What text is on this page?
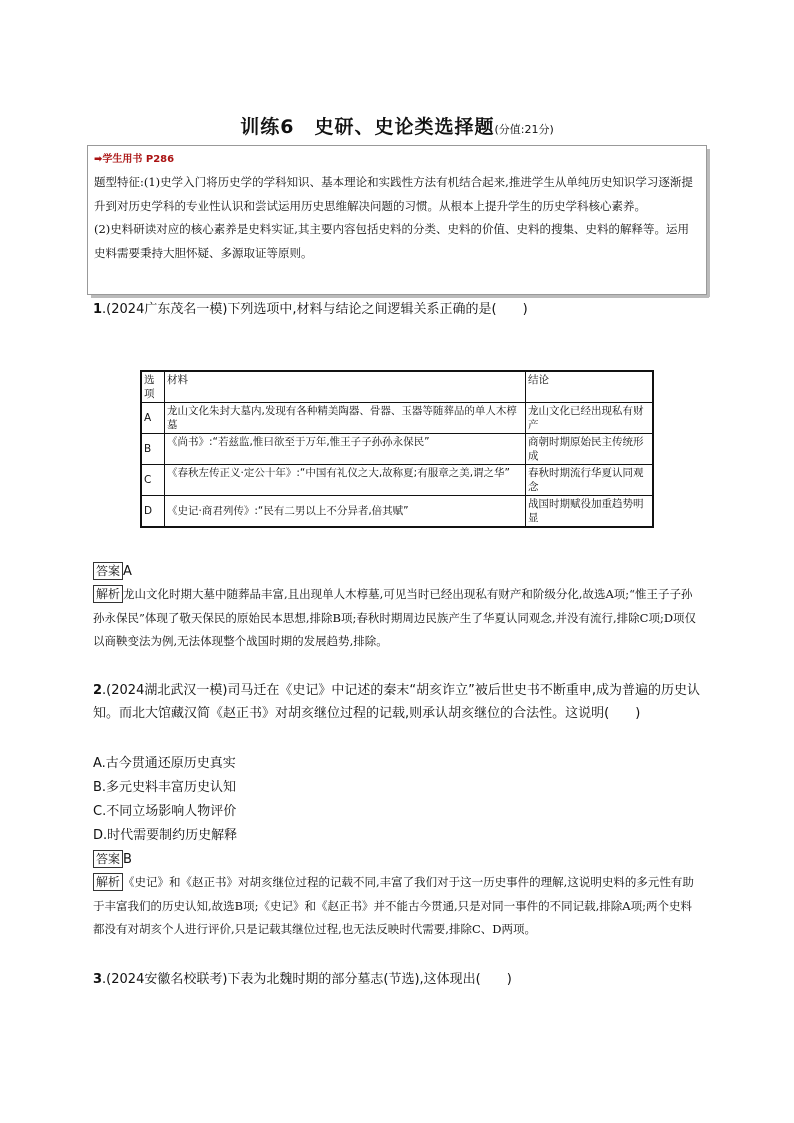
训练6　史研、史论类选择题(分值:21分)
➡学生用书 P286
题型特征:(1)史学入门将历史学的学科知识、基本理论和实践性方法有机结合起来,推进学生从单纯历史知识学习逐渐提升到对历史学科的专业性认识和尝试运用历史思维解决问题的习惯。从根本上提升学生的历史学科核心素养。
(2)史料研读对应的核心素养是史料实证,其主要内容包括史料的分类、史料的价值、史料的搜集、史料的解释等。运用史料需要秉持大胆怀疑、多源取证等原则。
1.(2024广东茂名一模)下列选项中,材料与结论之间逻辑关系正确的是(　　)
选项	材料	结论
A	龙山文化朱封大墓内,发现有各种精美陶器、骨器、玉器等随葬品的单人木椁墓	龙山文化已经出现私有财产
B	《尚书》:“若兹监,惟曰欲至于万年,惟王子子孙孙永保民”	商朝时期原始民主传统形成
C	《春秋左传正义·定公十年》:“中国有礼仪之大,故称夏;有服章之美,谓之华”	春秋时期流行华夏认同观念
D	《史记·商君列传》:“民有二男以上不分异者,倍其赋”	战国时期赋役加重趋势明显
答案 A
解析 龙山文化时期大墓中随葬品丰富,且出现单人木椁墓,可见当时已经出现私有财产和阶级分化,故选A项;“惟王子子孙孙永保民”体现了敬天保民的原始民本思想,排除B项;春秋时期周边民族产生了华夏认同观念,并没有流行,排除C项;D项仅以商鞅变法为例,无法体现整个战国时期的发展趋势,排除。
2.(2024湖北武汉一模)司马迁在《史记》中记述的秦末“胡亥诈立”被后世史书不断重申,成为普遍的历史认知。而北大馆藏汉简《赵正书》对胡亥继位过程的记载,则承认胡亥继位的合法性。这说明(　　)
A.古今贯通还原历史真实
B.多元史料丰富历史认知
C.不同立场影响人物评价
D.时代需要制约历史解释
答案 B
解析 《史记》和《赵正书》对胡亥继位过程的记载不同,丰富了我们对于这一历史事件的理解,这说明史料的多元性有助于丰富我们的历史认知,故选B项;《史记》和《赵正书》并不能古今贯通,只是对同一事件的不同记载,排除A项;两个史料都没有对胡亥个人进行评价,只是记载其继位过程,也无法反映时代需要,排除C、D两项。
3.(2024安徽名校联考)下表为北魏时期的部分墓志(节选),这体现出(　　)
